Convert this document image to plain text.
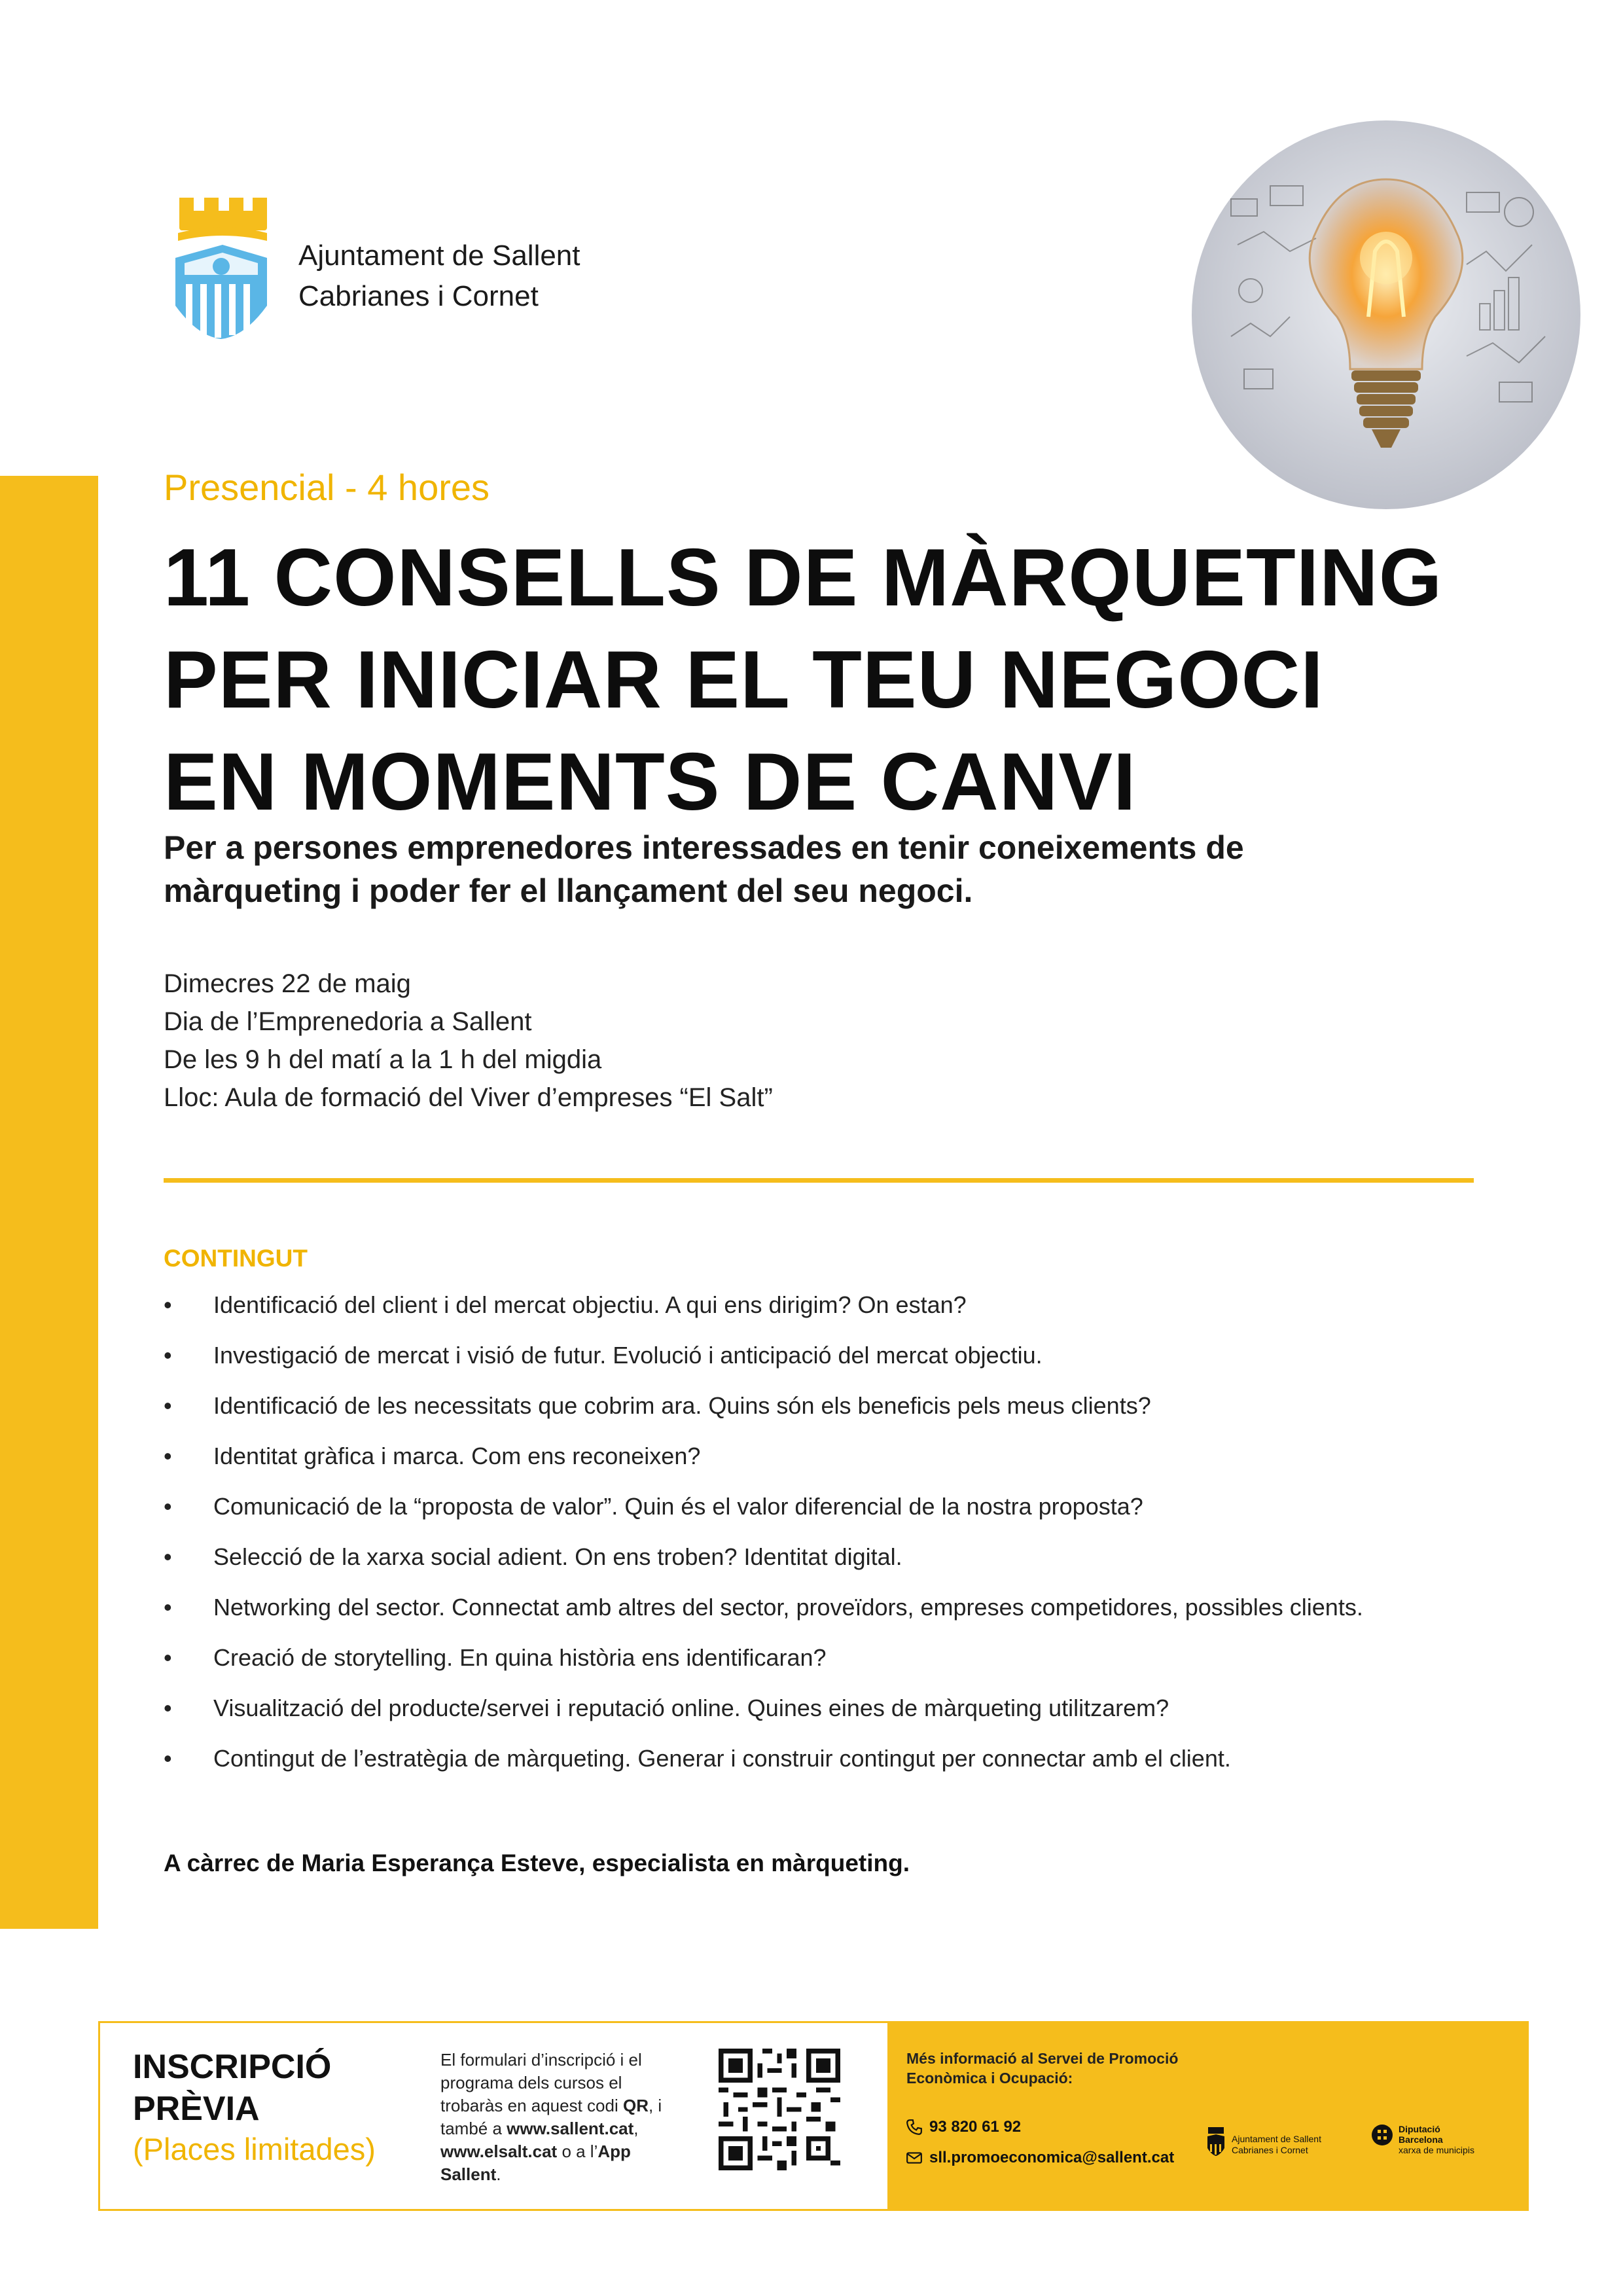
Ajuntament de Sallent
Cabrianes i Cornet
Presencial - 4 hores
11 CONSELLS DE MÀRQUETING
PER INICIAR EL TEU NEGOCI
EN MOMENTS DE CANVI
Per a persones emprenedores interessades en tenir coneixements de
màrqueting i poder fer el llançament del seu negoci.
Dimecres 22 de maig
Dia de l’Emprenedoria a Sallent
De les 9 h del matí a la 1 h del migdia
Lloc: Aula de formació del Viver d’empreses “El Salt”
CONTINGUT
• Identificació del client i del mercat objectiu. A qui ens dirigim? On estan?
• Investigació de mercat i visió de futur. Evolució i anticipació del mercat objectiu.
• Identificació de les necessitats que cobrim ara. Quins són els beneficis pels meus clients?
• Identitat gràfica i marca. Com ens reconeixen?
• Comunicació de la “proposta de valor”. Quin és el valor diferencial de la nostra proposta?
• Selecció de la xarxa social adient. On ens troben? Identitat digital.
• Networking del sector. Connectat amb altres del sector, proveïdors, empreses competidores, possibles clients.
• Creació de storytelling. En quina història ens identificaran?
• Visualització del producte/servei i reputació online. Quines eines de màrqueting utilitzarem?
• Contingut de l’estratègia de màrqueting. Generar i construir contingut per connectar amb el client.
A càrrec de Maria Esperança Esteve, especialista en màrqueting.
INSCRIPCIÓ
PRÈVIA
(Places limitades)
El formulari d’inscripció i el programa dels cursos el trobaràs en aquest codi QR, i també a www.sallent.cat, www.elsalt.cat o a l’App Sallent.
Més informació al Servei de Promoció
Econòmica i Ocupació:
93 820 61 92
sll.promoeconomica@sallent.cat
Ajuntament de Sallent
Cabrianes i Cornet
Diputació
Barcelona
xarxa de municipis
